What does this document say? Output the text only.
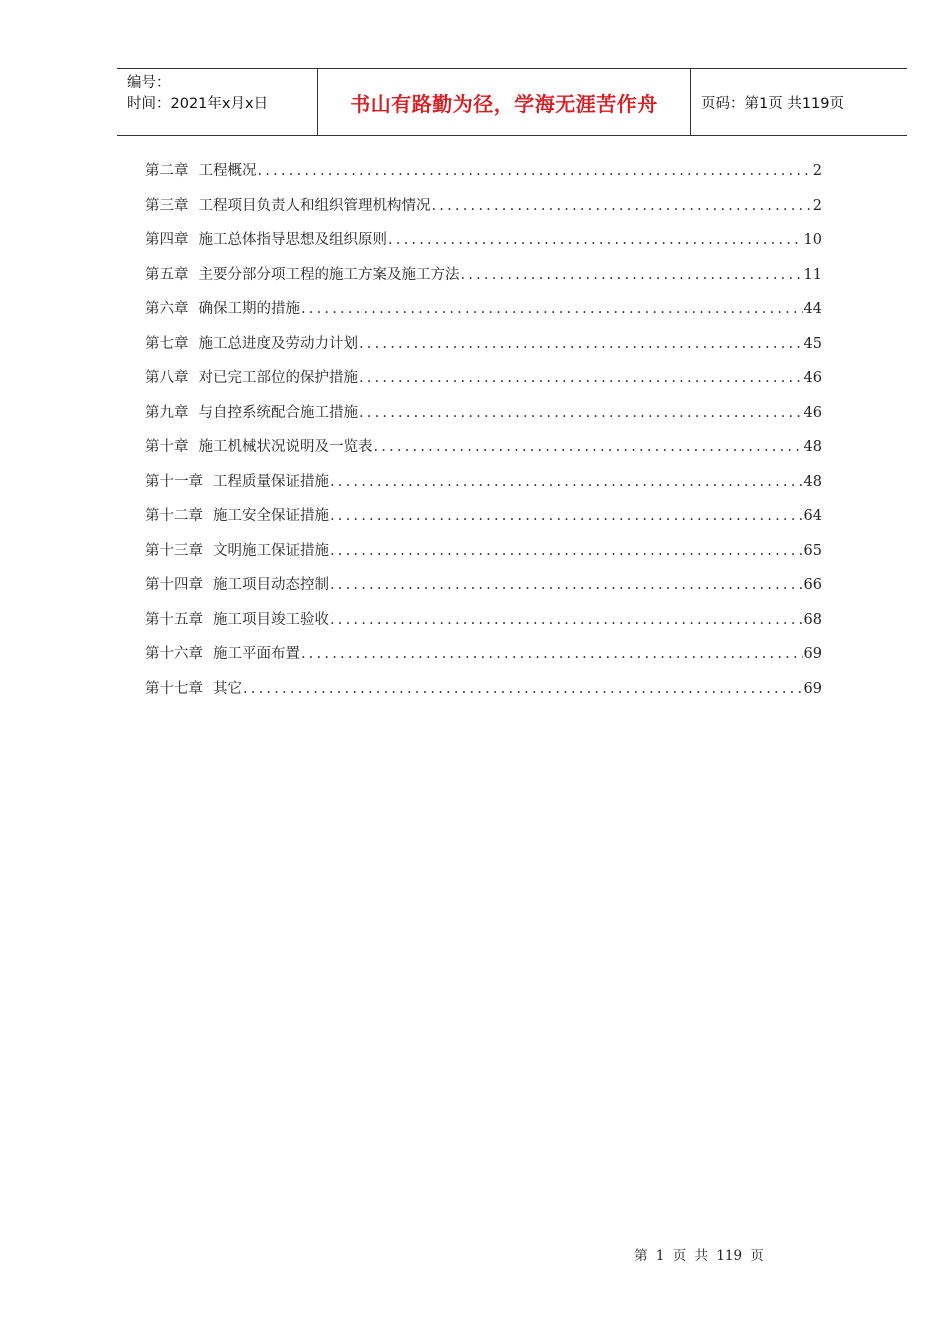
编号：
时间：2021年x月x日	书山有路勤为径，学海无涯苦作舟	页码：第1页 共119页
第二章 工程概况 .....	2
第三章 工程项目负责人和组织管理机构情况 .....	2
第四章 施工总体指导思想及组织原则 .....	10
第五章 主要分部分项工程的施工方案及施工方法 .....	11
第六章 确保工期的措施 .....	44
第七章 施工总进度及劳动力计划 .....	45
第八章 对已完工部位的保护措施 .....	46
第九章 与自控系统配合施工措施 .....	46
第十章 施工机械状况说明及一览表 .....	48
第十一章 工程质量保证措施 .....	48
第十二章 施工安全保证措施 .....	64
第十三章 文明施工保证措施 .....	65
第十四章 施工项目动态控制 .....	66
第十五章 施工项目竣工验收 .....	68
第十六章 施工平面布置 .....	69
第十七章 其它 .....	69
第 1 页 共 119 页
